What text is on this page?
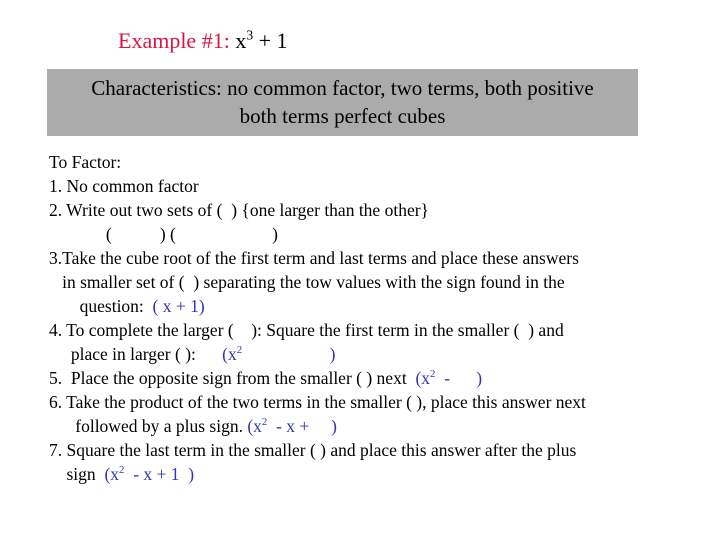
Example #1: $x^3 + 1$
Characteristics: no common factor, two terms, both positive
both terms perfect cubes
To Factor:
1. No common factor
2. Write out two sets of (  ) {one larger than the other}
(           ) (                      )
3.Take the cube root of the first term and last terms and place these answers
in smaller set of (  ) separating the tow values with the sign found in the
question:  ( x + 1)
4. To complete the larger (    ): Square the first term in the smaller (  ) and
place in larger ( ):      ($x^2$                    )
5.  Place the opposite sign from the smaller ( ) next  ($x^2$  -      )
6. Take the product of the two terms in the smaller ( ), place this answer next
followed by a plus sign. ($x^2$  - x +     )
7. Square the last term in the smaller ( ) and place this answer after the plus
sign  ($x^2 - x + 1$  )
